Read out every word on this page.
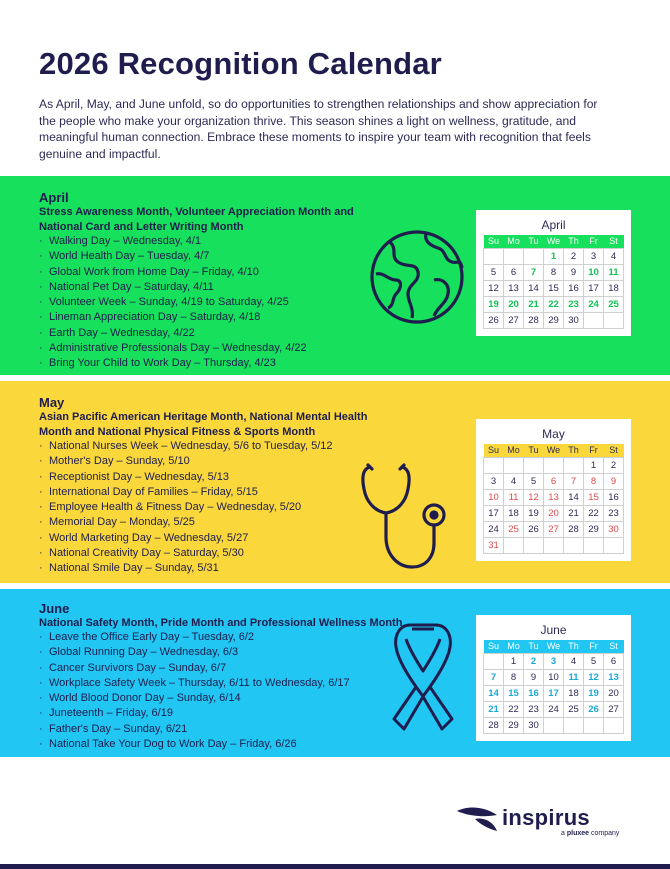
2026 Recognition Calendar

As April, May, and June unfold, so do opportunities to strengthen relationships and show appreciation for the people who make your organization thrive. This season shines a light on wellness, gratitude, and meaningful human connection. Embrace these moments to inspire your team with recognition that feels genuine and impactful.

April
Stress Awareness Month, Volunteer Appreciation Month and National Card and Letter Writing Month
· Walking Day – Wednesday, 4/1
· World Health Day – Tuesday, 4/7
· Global Work from Home Day – Friday, 4/10
· National Pet Day – Saturday, 4/11
· Volunteer Week – Sunday, 4/19 to Saturday, 4/25
· Lineman Appreciation Day – Saturday, 4/18
· Earth Day – Wednesday, 4/22
· Administrative Professionals Day – Wednesday, 4/22
· Bring Your Child to Work Day – Thursday, 4/23
April
Su	Mo	Tu	We	Th	Fr	St
			1	2	3	4
5	6	7	8	9	10	11
12	13	14	15	16	17	18
19	20	21	22	23	24	25
26	27	28	29	30		
May
Asian Pacific American Heritage Month, National Mental Health Month and National Physical Fitness & Sports Month
· National Nurses Week – Wednesday, 5/6 to Tuesday, 5/12
· Mother's Day – Sunday, 5/10
· Receptionist Day – Wednesday, 5/13
· International Day of Families – Friday, 5/15
· Employee Health & Fitness Day – Wednesday, 5/20
· Memorial Day – Monday, 5/25
· World Marketing Day – Wednesday, 5/27
· National Creativity Day – Saturday, 5/30
· National Smile Day – Sunday, 5/31
May
Su	Mo	Tu	We	Th	Fr	St
					1	2
3	4	5	6	7	8	9
10	11	12	13	14	15	16
17	18	19	20	21	22	23
24	25	26	27	28	29	30
31						
June
National Safety Month, Pride Month and Professional Wellness Month
· Leave the Office Early Day – Tuesday, 6/2
· Global Running Day – Wednesday, 6/3
· Cancer Survivors Day – Sunday, 6/7
· Workplace Safety Week – Thursday, 6/11 to Wednesday, 6/17
· World Blood Donor Day – Sunday, 6/14
· Juneteenth – Friday, 6/19
· Father's Day – Sunday, 6/21
· National Take Your Dog to Work Day – Friday, 6/26
June
Su	Mo	Tu	We	Th	Fr	St
	1	2	3	4	5	6
7	8	9	10	11	12	13
14	15	16	17	18	19	20
21	22	23	24	25	26	27
28	29	30				
inspirus
a pluxee company
